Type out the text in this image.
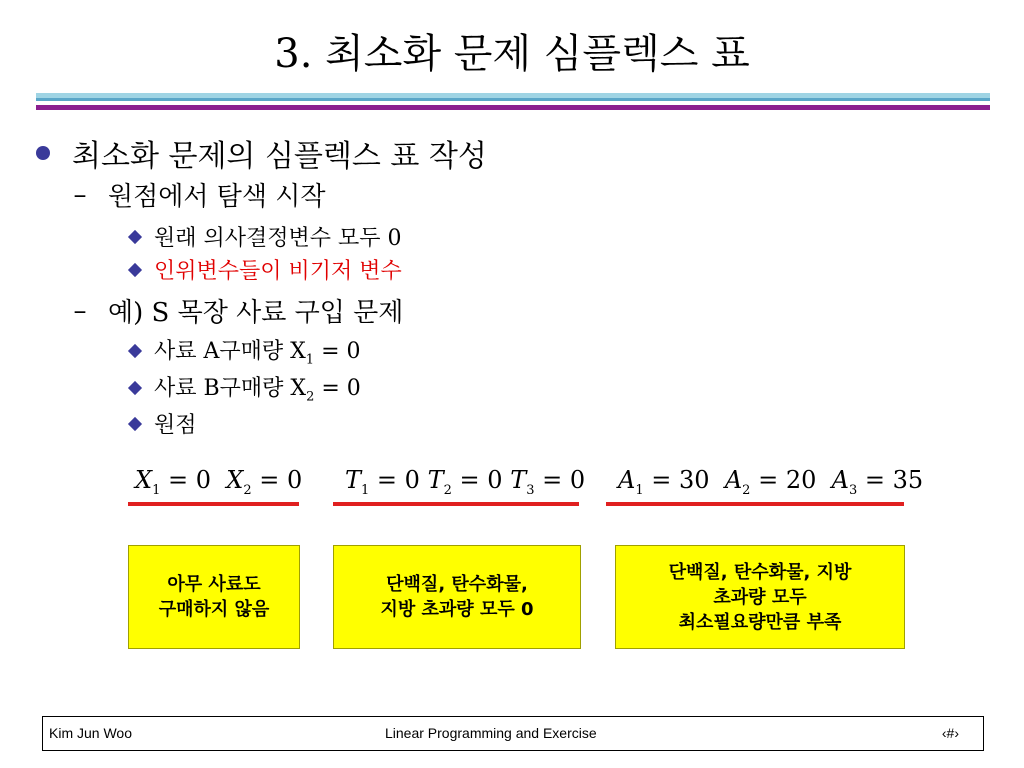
3. 최소화 문제 심플렉스 표
최소화 문제의 심플렉스 표 작성
– 원점에서 탐색 시작
원래 의사결정변수 모두 0
인위변수들이 비기저 변수
– 예) S 목장 사료 구입 문제
사료 A구매량 $X_1 = 0$
사료 B구매량 $X_2 = 0$
원점
$X_1 = 0$ $X_2 = 0$ $T_1 = 0$ $T_2 = 0$ $T_3 = 0$ $A_1 = 30$ $A_2 = 20$ $A_3 = 35$
아무 사료도
구매하지 않음
단백질, 탄수화물,
지방 초과량 모두 0
단백질, 탄수화물, 지방
초과량 모두
최소필요량만큼 부족
Kim Jun Woo	Linear Programming and Exercise	‹#›
